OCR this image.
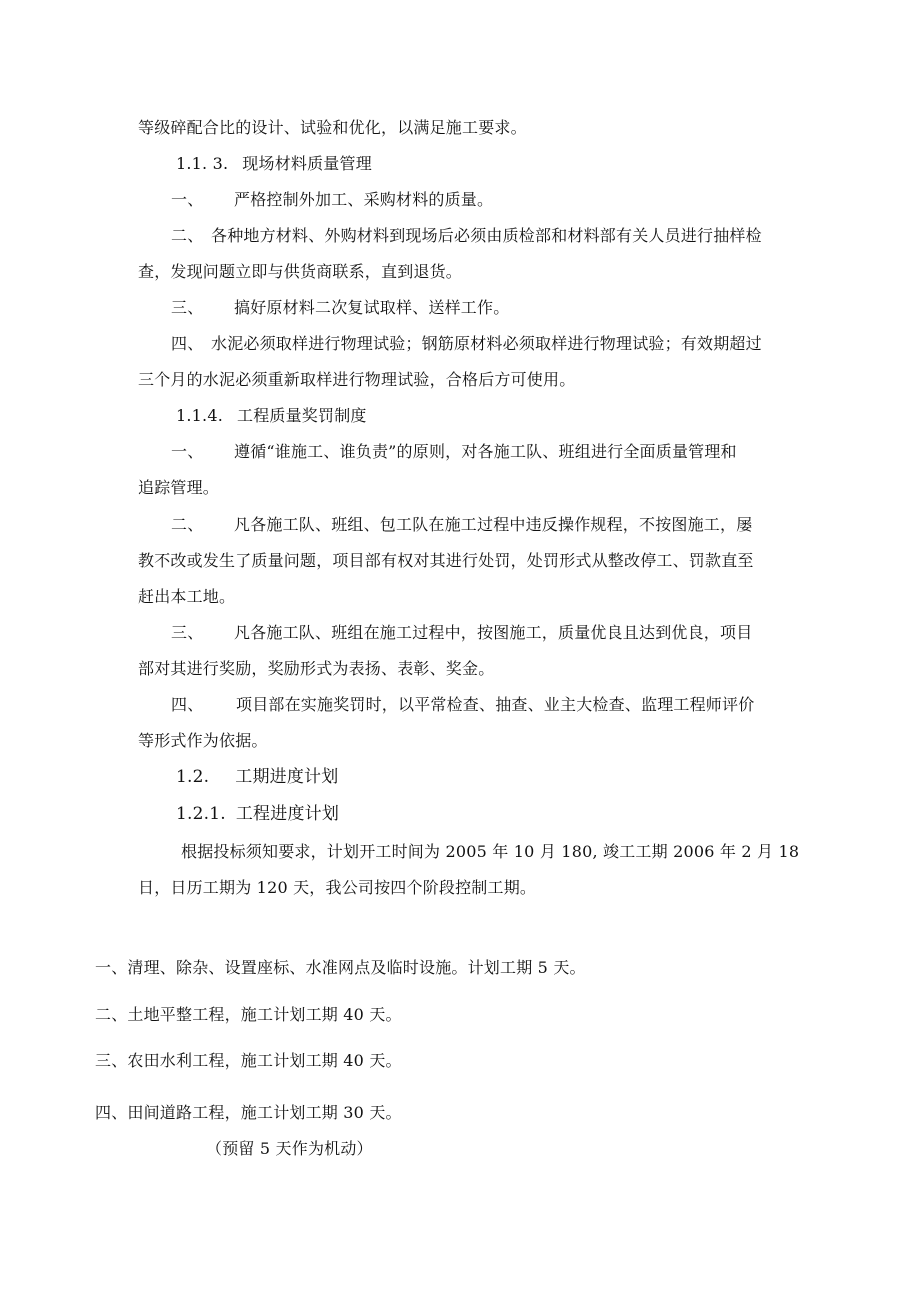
等级碎配合比的设计、试验和优化，以满足施工要求。
1.1. 3. 现场材料质量管理
一、 严格控制外加工、采购材料的质量。
二、 各种地方材料、外购材料到现场后必须由质检部和材料部有关人员进行抽样检
查，发现问题立即与供货商联系，直到退货。
三、 搞好原材料二次复试取样、送样工作。
四、 水泥必须取样进行物理试验；钢筋原材料必须取样进行物理试验；有效期超过
三个月的水泥必须重新取样进行物理试验，合格后方可使用。
1.1.4. 工程质量奖罚制度
一、 遵循“谁施工、谁负责”的原则，对各施工队、班组进行全面质量管理和
追踪管理。
二、 凡各施工队、班组、包工队在施工过程中违反操作规程，不按图施工，屡
教不改或发生了质量问题，项目部有权对其进行处罚，处罚形式从整改停工、罚款直至
赶出本工地。
三、 凡各施工队、班组在施工过程中，按图施工，质量优良且达到优良，项目
部对其进行奖励，奖励形式为表扬、表彰、奖金。
四、 项目部在实施奖罚时，以平常检查、抽查、业主大检查、监理工程师评价
等形式作为依据。
1.2. 工期进度计划
1.2.1. 工程进度计划
根据投标须知要求，计划开工时间为 2005 年 10 月 180, 竣工工期 2006 年 2 月 18
日，日历工期为 120 天，我公司按四个阶段控制工期。
一、清理、除杂、设置座标、水准网点及临时设施。计划工期 5 天。
二、土地平整工程，施工计划工期 40 天。
三、农田水利工程，施工计划工期 40 天。
四、田间道路工程，施工计划工期 30 天。
（预留 5 天作为机动）
